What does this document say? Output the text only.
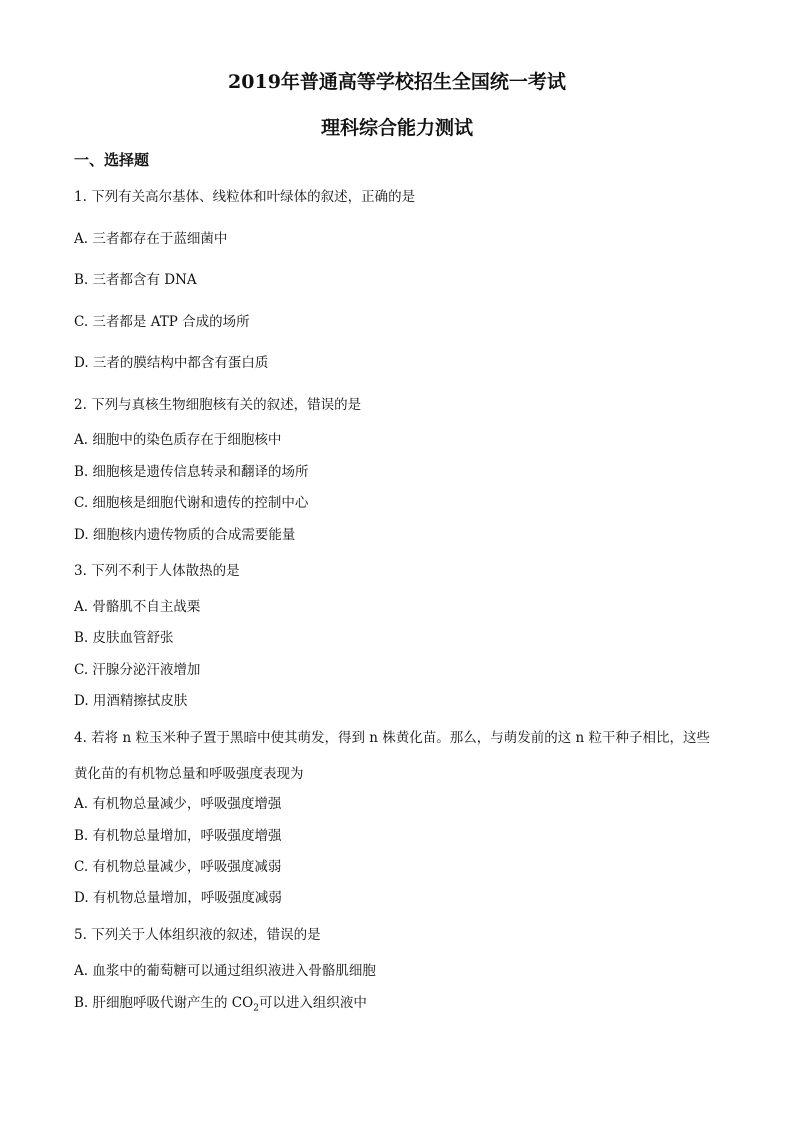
2019年普通高等学校招生全国统一考试
理科综合能力测试
一、选择题
1. 下列有关高尔基体、线粒体和叶绿体的叙述，正确的是
A. 三者都存在于蓝细菌中
B. 三者都含有 DNA
C. 三者都是 ATP 合成的场所
D. 三者的膜结构中都含有蛋白质
2. 下列与真核生物细胞核有关的叙述，错误的是
A. 细胞中的染色质存在于细胞核中
B. 细胞核是遗传信息转录和翻译的场所
C. 细胞核是细胞代谢和遗传的控制中心
D. 细胞核内遗传物质的合成需要能量
3. 下列不利于人体散热的是
A. 骨骼肌不自主战栗
B. 皮肤血管舒张
C. 汗腺分泌汗液增加
D. 用酒精擦拭皮肤
4. 若将 n 粒玉米种子置于黑暗中使其萌发，得到 n 株黄化苗。那么，与萌发前的这 n 粒干种子相比，这些
黄化苗的有机物总量和呼吸强度表现为
A. 有机物总量减少，呼吸强度增强
B. 有机物总量增加，呼吸强度增强
C. 有机物总量减少，呼吸强度减弱
D. 有机物总量增加，呼吸强度减弱
5. 下列关于人体组织液的叙述，错误的是
A. 血浆中的葡萄糖可以通过组织液进入骨骼肌细胞
B. 肝细胞呼吸代谢产生的 $CO_2$可以进入组织液中
